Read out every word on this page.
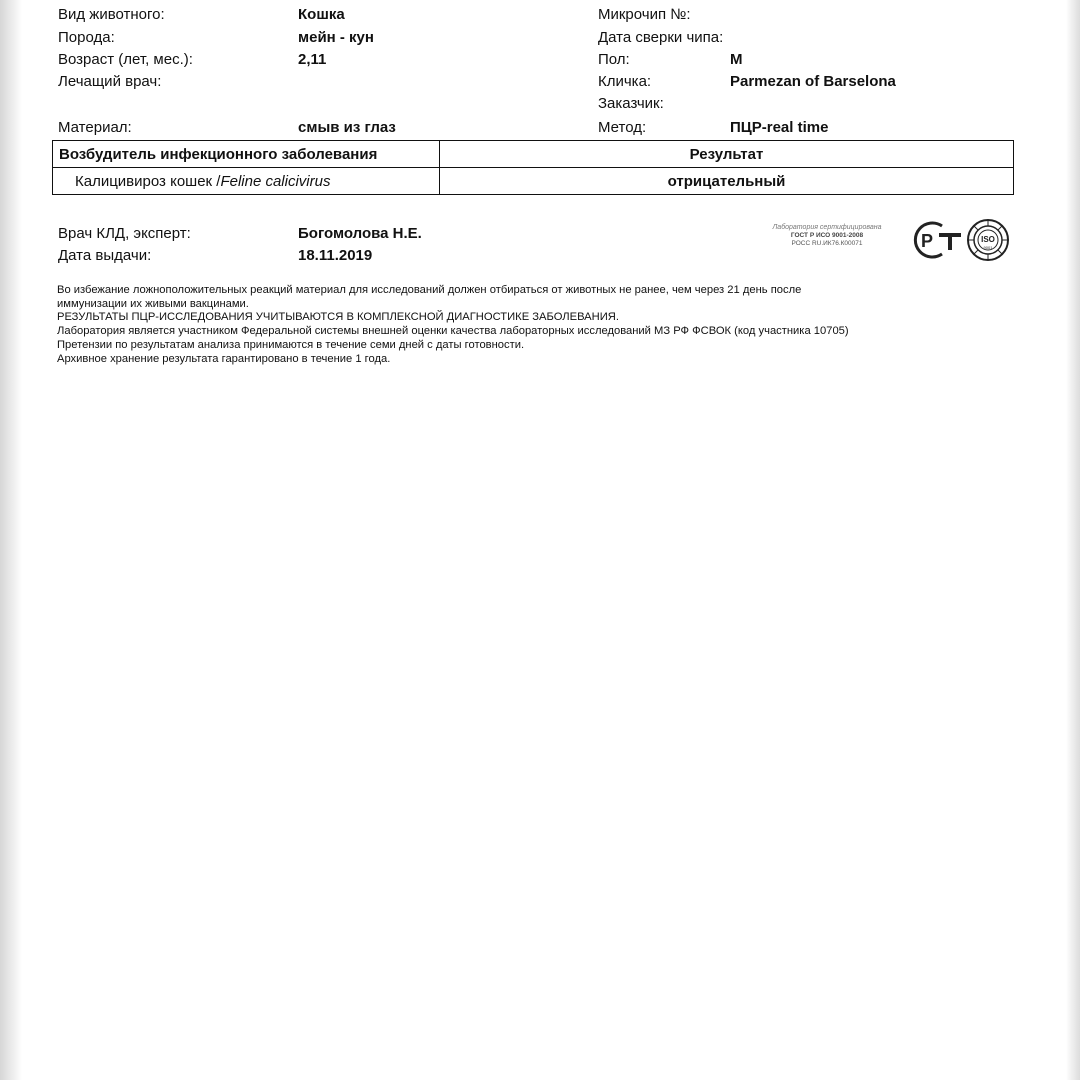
Вид животного:	Кошка
Порода:	мейн - кун
Возраст (лет, мес.):	2,11
Лечащий врач:
Микрочип №:
Дата сверки чипа:
Пол:	М
Кличка:	Parmezan of Barselona
Заказчик:
Материал:	смыв из глаз	Метод:	ПЦР-real time
Возбудитель инфекционного заболевания	Результат
Калицивироз кошек /Feline calicivirus	отрицательный
Врач КЛД, эксперт:	Богомолова Н.Е.
Дата выдачи:	18.11.2019
Лаборатория сертифицирована
ГОСТ Р ИСО 9001-2008
РОСС RU.ИК76.К00071	Р	ISO
9001
Во избежание ложноположительных реакций материал для исследований должен отбираться от животных не ранее, чем через 21 день после
иммунизации их живыми вакцинами.
РЕЗУЛЬТАТЫ ПЦР-ИССЛЕДОВАНИЯ УЧИТЫВАЮТСЯ В КОМПЛЕКСНОЙ ДИАГНОСТИКЕ ЗАБОЛЕВАНИЯ.
Лаборатория является участником Федеральной системы внешней оценки качества лабораторных исследований МЗ РФ ФСВОК (код участника 10705)
Претензии по результатам анализа принимаются в течение семи дней с даты готовности.
Архивное хранение результата гарантировано в течение 1 года.
